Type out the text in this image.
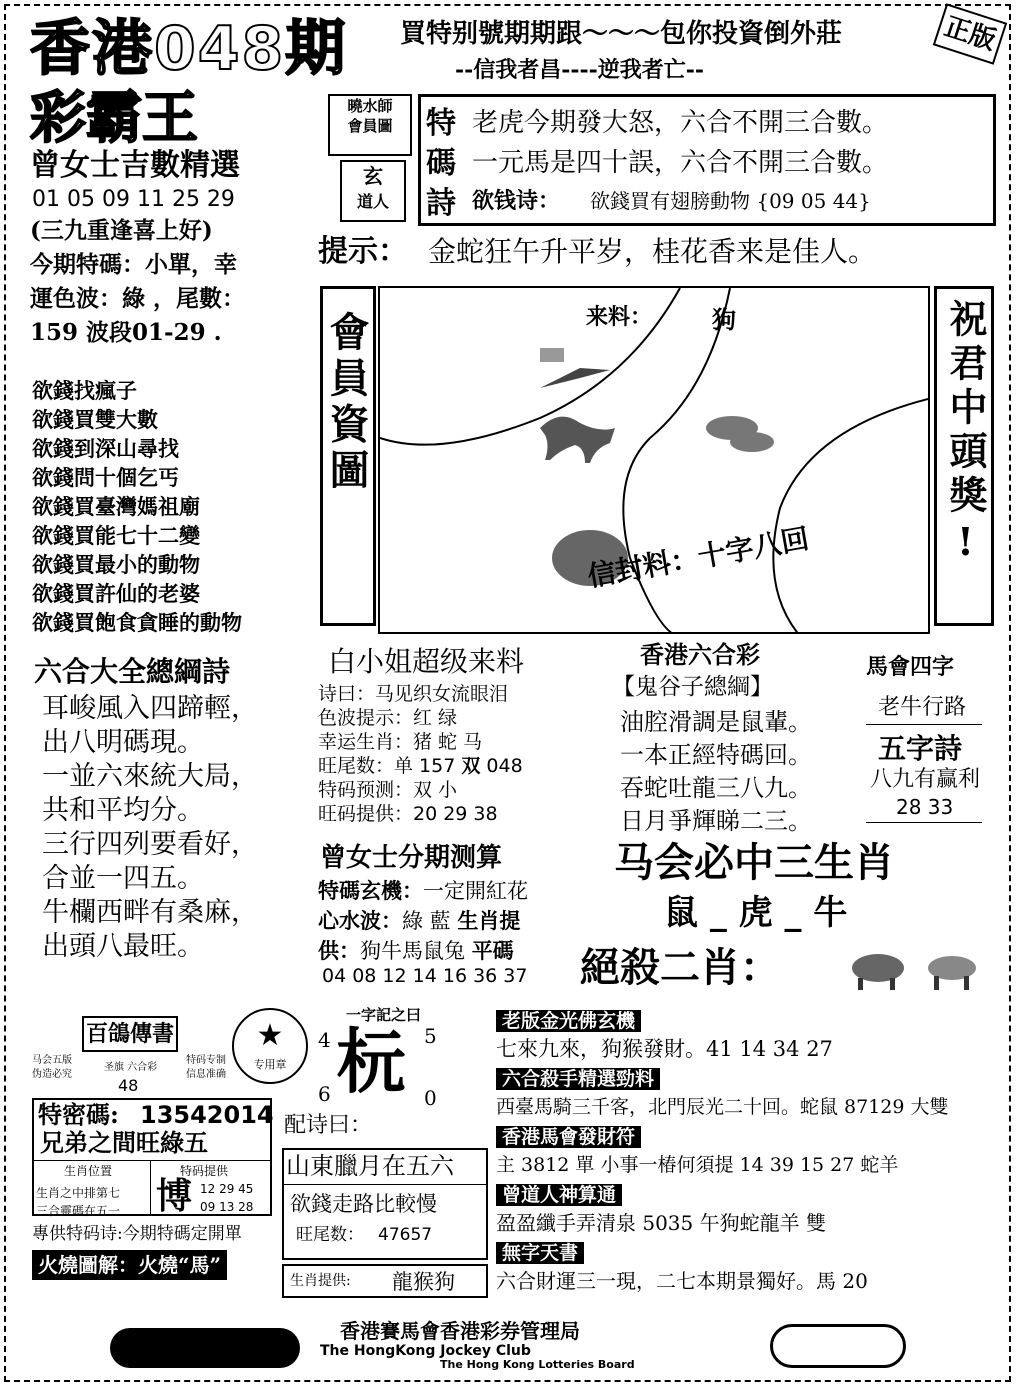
香港048期
彩霸王
買特别號期期跟～～～包你投資倒外莊
--信我者昌----逆我者亡--
正版
曾女士吉數精選
01 05 09 11 25 29
(三九重逢喜上好)
今期特碼：小單，幸
運色波：綠 ，尾數：
159 波段01-29 .
欲錢找瘋子
欲錢買雙大數
欲錢到深山尋找
欲錢問十個乞丐
欲錢買臺灣媽祖廟
欲錢買能七十二變
欲錢買最小的動物
欲錢買許仙的老婆
欲錢買飽食貪睡的動物
曉水師
會員圖
玄
道人
特
碼
詩
老虎今期發大怒，六合不開三合數。
一元馬是四十誤，六合不開三合數。
欲钱诗： 欲錢買有翅膀動物 {09 05 44}
提示： 金蛇狂午升平岁，桂花香来是佳人。
會員資圖	来料： 狗
信封料：十字八回	祝君中頭獎!
六合大全總綱詩
耳峻風入四蹄輕，
出八明碼現。
一並六來統大局，
共和平均分。
三行四列要看好，
合並一四五。
牛欄西畔有桑麻，
出頭八最旺。
白小姐超级来料
诗曰：马见织女流眼泪
色波提示：红 绿
幸运生肖：猪 蛇 马
旺尾数：单 157 双 048
特码预测：双 小
旺码提供：20 29 38
曾女士分期测算
特碼玄機：一定開紅花
心水波：綠 藍 生肖提
供：狗牛馬鼠兔 平碼
04 08 12 14 16 36 37
香港六合彩
【鬼谷子總綱】
油腔滑調是鼠輩。
一本正經特碼回。
吞蛇吐龍三八九。
日月爭輝睇二三。
马会必中三生肖
鼠 _ 虎 _ 牛
絕殺二肖：
馬會四字
老牛行路
五字詩
八九有赢利
28 33
百鴿傳書
马会五版
伪造必究
圣旗 六合彩
特码专制
信息准确
★
专用章
48
特密碼: 13542014
兄弟之間旺綠五
生肖位置
生肖之中排第七
三合靈碼在五一
特码提供
博 12 29 45
09 13 28
專供特码诗:今期特碼定開單
火燒圖解：火燒“馬”
一字記之曰
4	5
杬
6	0
配诗曰：
山東臘月在五六
欲錢走路比較慢
旺尾数： 47657
生肖提供: 龍猴狗
老版金光佛玄機
七來九來，狗猴發財。41 14 34 27
六合殺手精選勁料
西臺馬騎三千客，北門辰光二十回。蛇鼠 87129 大雙
香港馬會發財符
主 3812 單 小事一椿何須提 14 39 15 27 蛇羊
曾道人神算通
盈盈纖手弄清泉 5035 午狗蛇龍羊 雙
無字天書
六合財運三一現，二七本期景獨好。馬 20
香港賽馬會香港彩券管理局
The HongKong Jockey Club
The Hong Kong Lotteries Board
